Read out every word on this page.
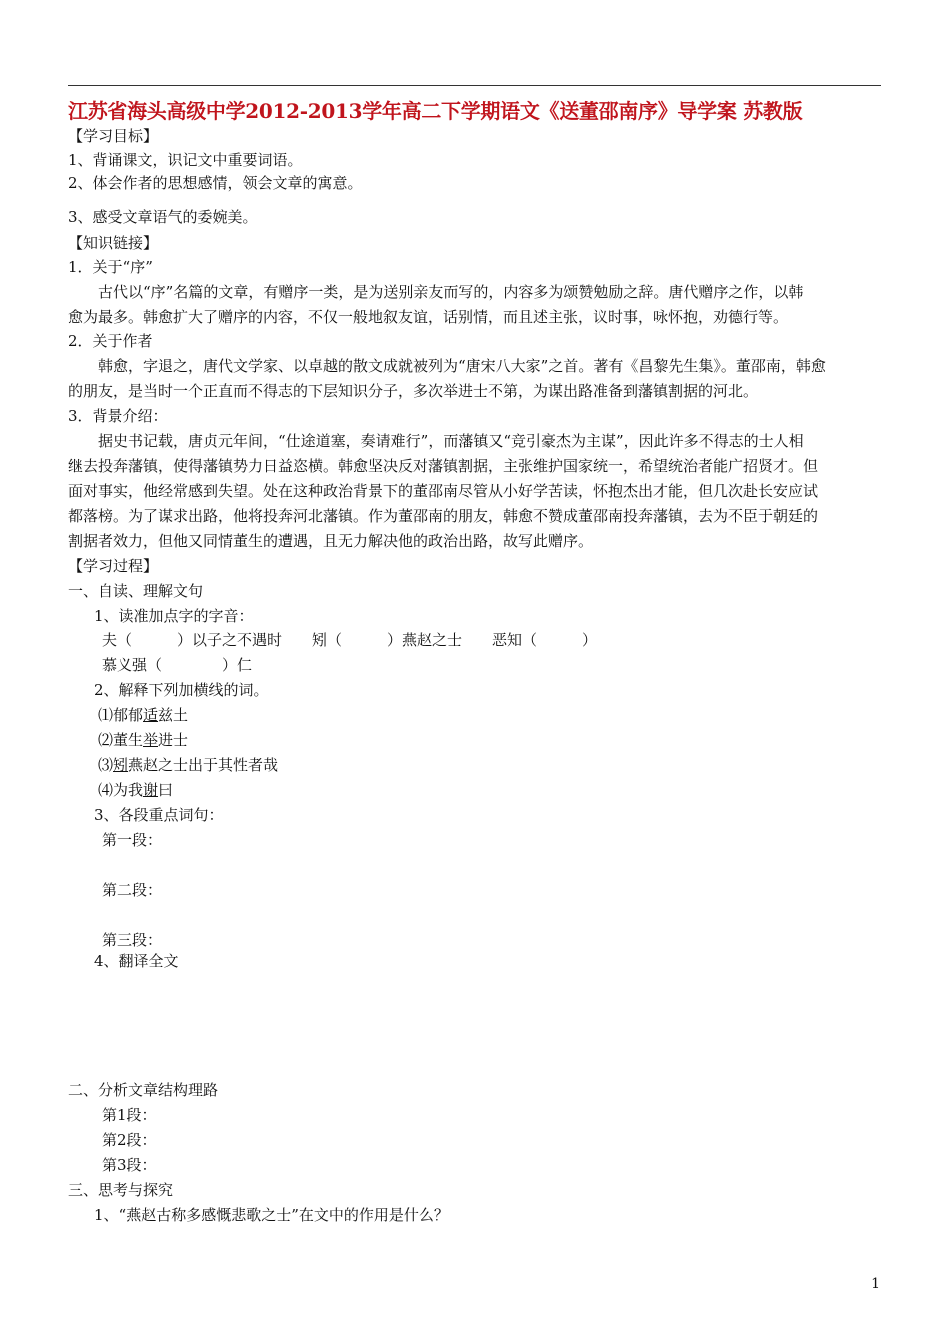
江苏省海头高级中学2012-2013学年高二下学期语文《送董邵南序》导学案 苏教版
【学习目标】
1、背诵课文，识记文中重要词语。
2、体会作者的思想感情，领会文章的寓意。
3、感受文章语气的委婉美。
【知识链接】
1．关于“序”
古代以“序”名篇的文章，有赠序一类，是为送别亲友而写的，内容多为颂赞勉励之辞。唐代赠序之作，以韩
愈为最多。韩愈扩大了赠序的内容，不仅一般地叙友谊，话别情，而且述主张，议时事，咏怀抱，劝德行等。
2．关于作者
韩愈，字退之，唐代文学家、以卓越的散文成就被列为“唐宋八大家”之首。著有《昌黎先生集》。董邵南，韩愈
的朋友，是当时一个正直而不得志的下层知识分子，多次举进士不第，为谋出路准备到藩镇割据的河北。
3．背景介绍：
据史书记载，唐贞元年间，“仕途道塞，奏请难行”，而藩镇又“竞引豪杰为主谋”，因此许多不得志的士人相
继去投奔藩镇，使得藩镇势力日益恣横。韩愈坚决反对藩镇割据，主张维护国家统一，希望统治者能广招贤才。但
面对事实，他经常感到失望。处在这种政治背景下的董邵南尽管从小好学苦读，怀抱杰出才能，但几次赴长安应试
都落榜。为了谋求出路，他将投奔河北藩镇。作为董邵南的朋友，韩愈不赞成董邵南投奔藩镇，去为不臣于朝廷的
割据者效力，但他又同情董生的遭遇，且无力解决他的政治出路，故写此赠序。
【学习过程】
一、自读、理解文句
1、读准加点字的字音：
夫（　　　）以子之不遇时　　矧（　　　）燕赵之士　　恶知（　　　）
慕义强（　　　　）仁
2、解释下列加横线的词。
⑴郁郁适兹土
⑵董生举进士
⑶矧燕赵之士出于其性者哉
⑷为我谢曰
3、各段重点词句：
第一段：
第二段：
第三段：
4、翻译全文
二、分析文章结构理路
第1段：
第2段：
第3段：
三、思考与探究
1、“燕赵古称多感慨悲歌之士”在文中的作用是什么？
1
